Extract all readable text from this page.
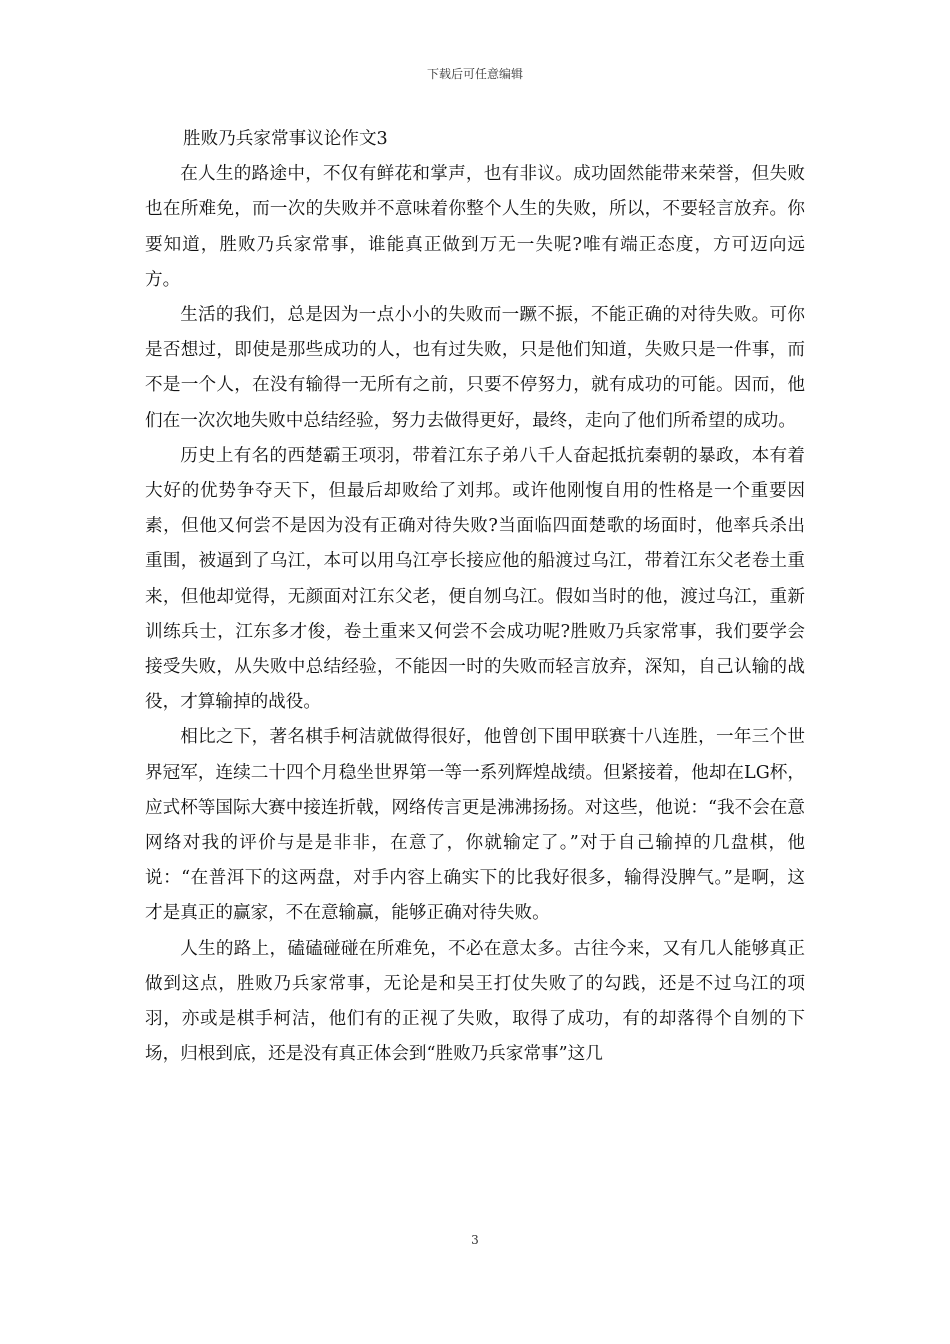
下载后可任意编辑

胜败乃兵家常事议论作文3

在人生的路途中，不仅有鲜花和掌声，也有非议。成功固然能带来荣誉，但失败也在所难免，而一次的失败并不意味着你整个人生的失败，所以，不要轻言放弃。你要知道，胜败乃兵家常事，谁能真正做到万无一失呢?唯有端正态度，方可迈向远方。

生活的我们，总是因为一点小小的失败而一蹶不振，不能正确的对待失败。可你是否想过，即使是那些成功的人，也有过失败，只是他们知道，失败只是一件事，而不是一个人，在没有输得一无所有之前，只要不停努力，就有成功的可能。因而，他们在一次次地失败中总结经验，努力去做得更好，最终，走向了他们所希望的成功。

历史上有名的西楚霸王项羽，带着江东子弟八千人奋起抵抗秦朝的暴政，本有着大好的优势争夺天下，但最后却败给了刘邦。或许他刚愎自用的性格是一个重要因素，但他又何尝不是因为没有正确对待失败?当面临四面楚歌的场面时，他率兵杀出重围，被逼到了乌江，本可以用乌江亭长接应他的船渡过乌江，带着江东父老卷土重来，但他却觉得，无颜面对江东父老，便自刎乌江。假如当时的他，渡过乌江，重新训练兵士，江东多才俊，卷土重来又何尝不会成功呢?胜败乃兵家常事，我们要学会接受失败，从失败中总结经验，不能因一时的失败而轻言放弃，深知，自己认输的战役，才算输掉的战役。

相比之下，著名棋手柯洁就做得很好，他曾创下围甲联赛十八连胜，一年三个世界冠军，连续二十四个月稳坐世界第一等一系列辉煌战绩。但紧接着，他却在LG杯，应式杯等国际大赛中接连折戟，网络传言更是沸沸扬扬。对这些，他说：“我不会在意网络对我的评价与是是非非，在意了，你就输定了。”对于自己输掉的几盘棋，他说：“在普洱下的这两盘，对手内容上确实下的比我好很多，输得没脾气。”是啊，这才是真正的赢家，不在意输赢，能够正确对待失败。

人生的路上，磕磕碰碰在所难免，不必在意太多。古往今来，又有几人能够真正做到这点，胜败乃兵家常事，无论是和吴王打仗失败了的勾践，还是不过乌江的项羽，亦或是棋手柯洁，他们有的正视了失败，取得了成功，有的却落得个自刎的下场，归根到底，还是没有真正体会到“胜败乃兵家常事”这几

3
